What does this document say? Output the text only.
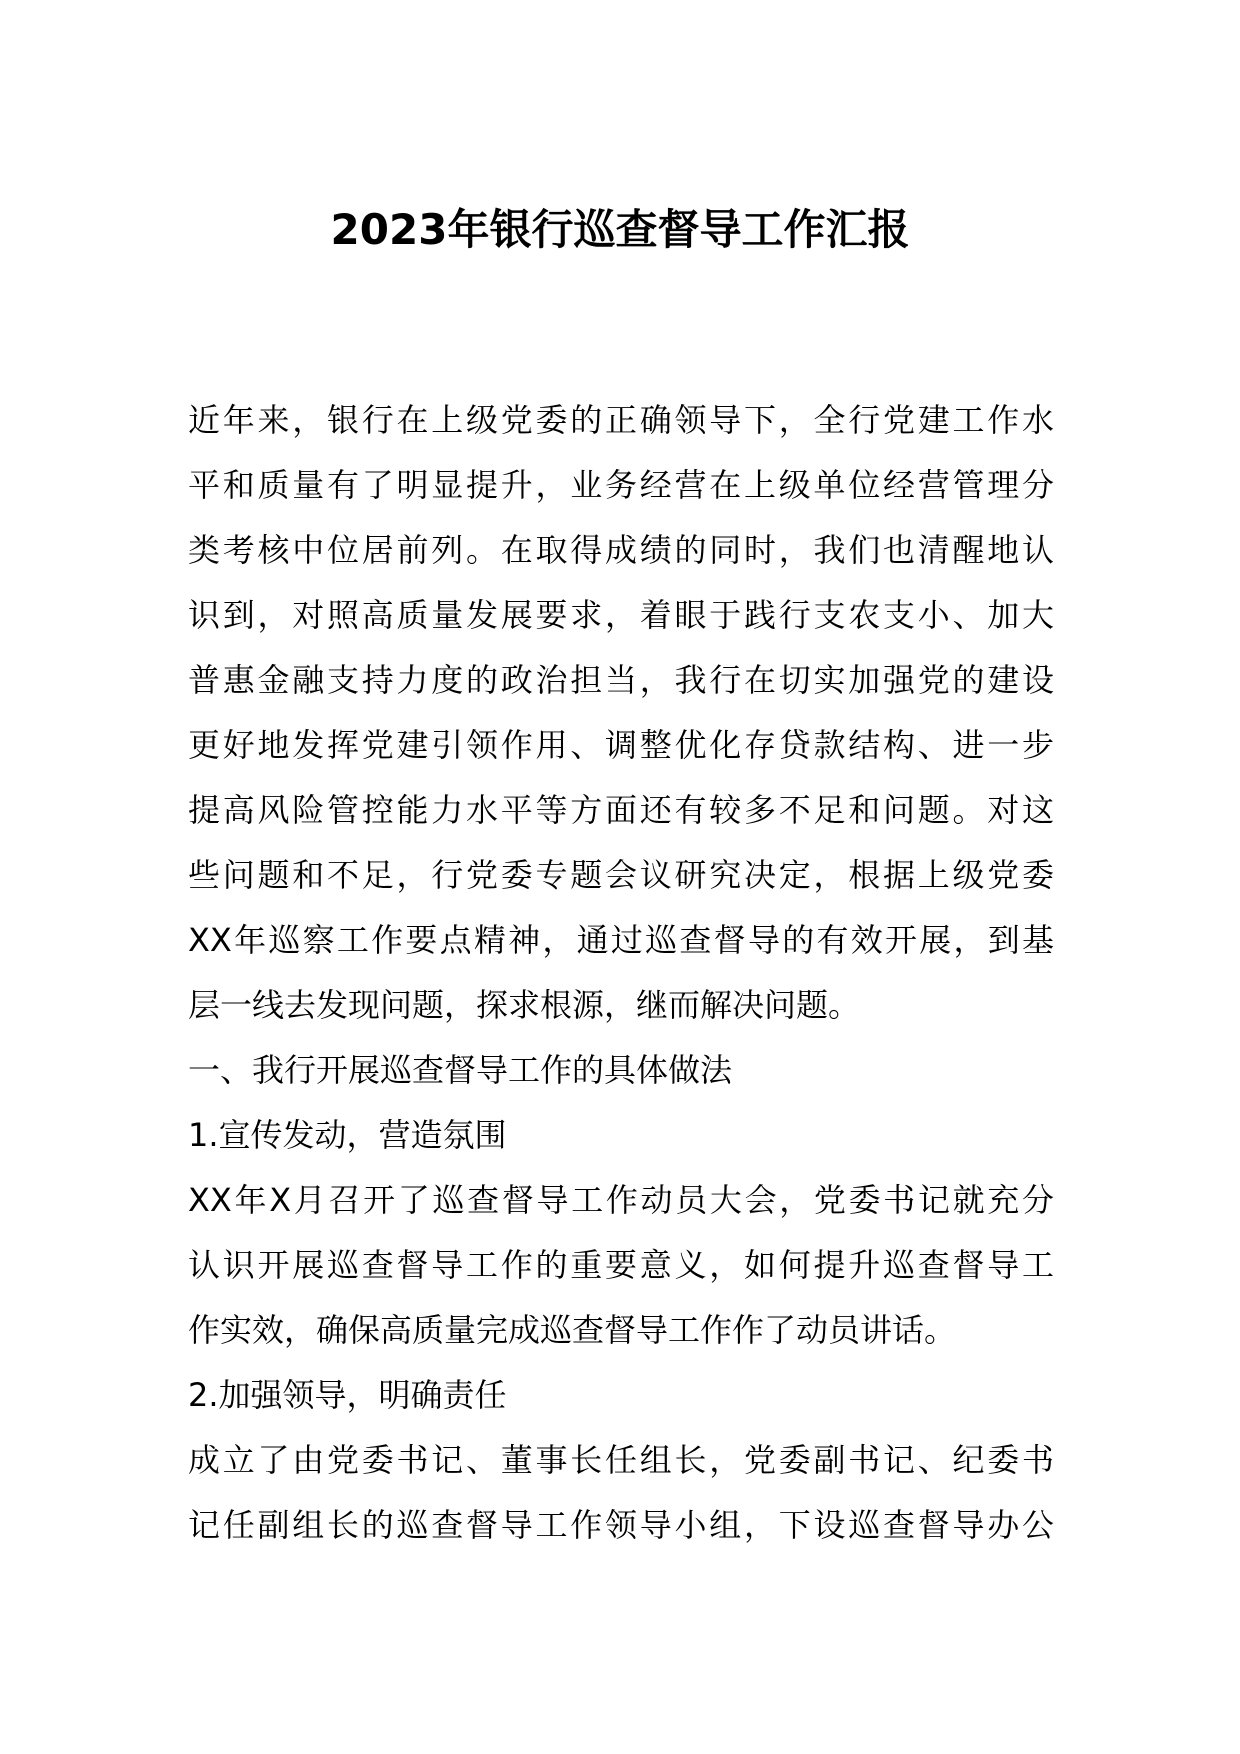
2023年银行巡查督导工作汇报
近年来，银行在上级党委的正确领导下，全行党建工作水
平和质量有了明显提升，业务经营在上级单位经营管理分
类考核中位居前列。在取得成绩的同时，我们也清醒地认
识到，对照高质量发展要求，着眼于践行支农支小、加大
普惠金融支持力度的政治担当，我行在切实加强党的建设
更好地发挥党建引领作用、调整优化存贷款结构、进一步
提高风险管控能力水平等方面还有较多不足和问题。对这
些问题和不足，行党委专题会议研究决定，根据上级党委
XX年巡察工作要点精神，通过巡查督导的有效开展，到基
层一线去发现问题，探求根源，继而解决问题。
一、我行开展巡查督导工作的具体做法
1.宣传发动，营造氛围
XX年X月召开了巡查督导工作动员大会，党委书记就充分
认识开展巡查督导工作的重要意义，如何提升巡查督导工
作实效，确保高质量完成巡查督导工作作了动员讲话。
2.加强领导，明确责任
成立了由党委书记、董事长任组长，党委副书记、纪委书
记任副组长的巡查督导工作领导小组，下设巡查督导办公
